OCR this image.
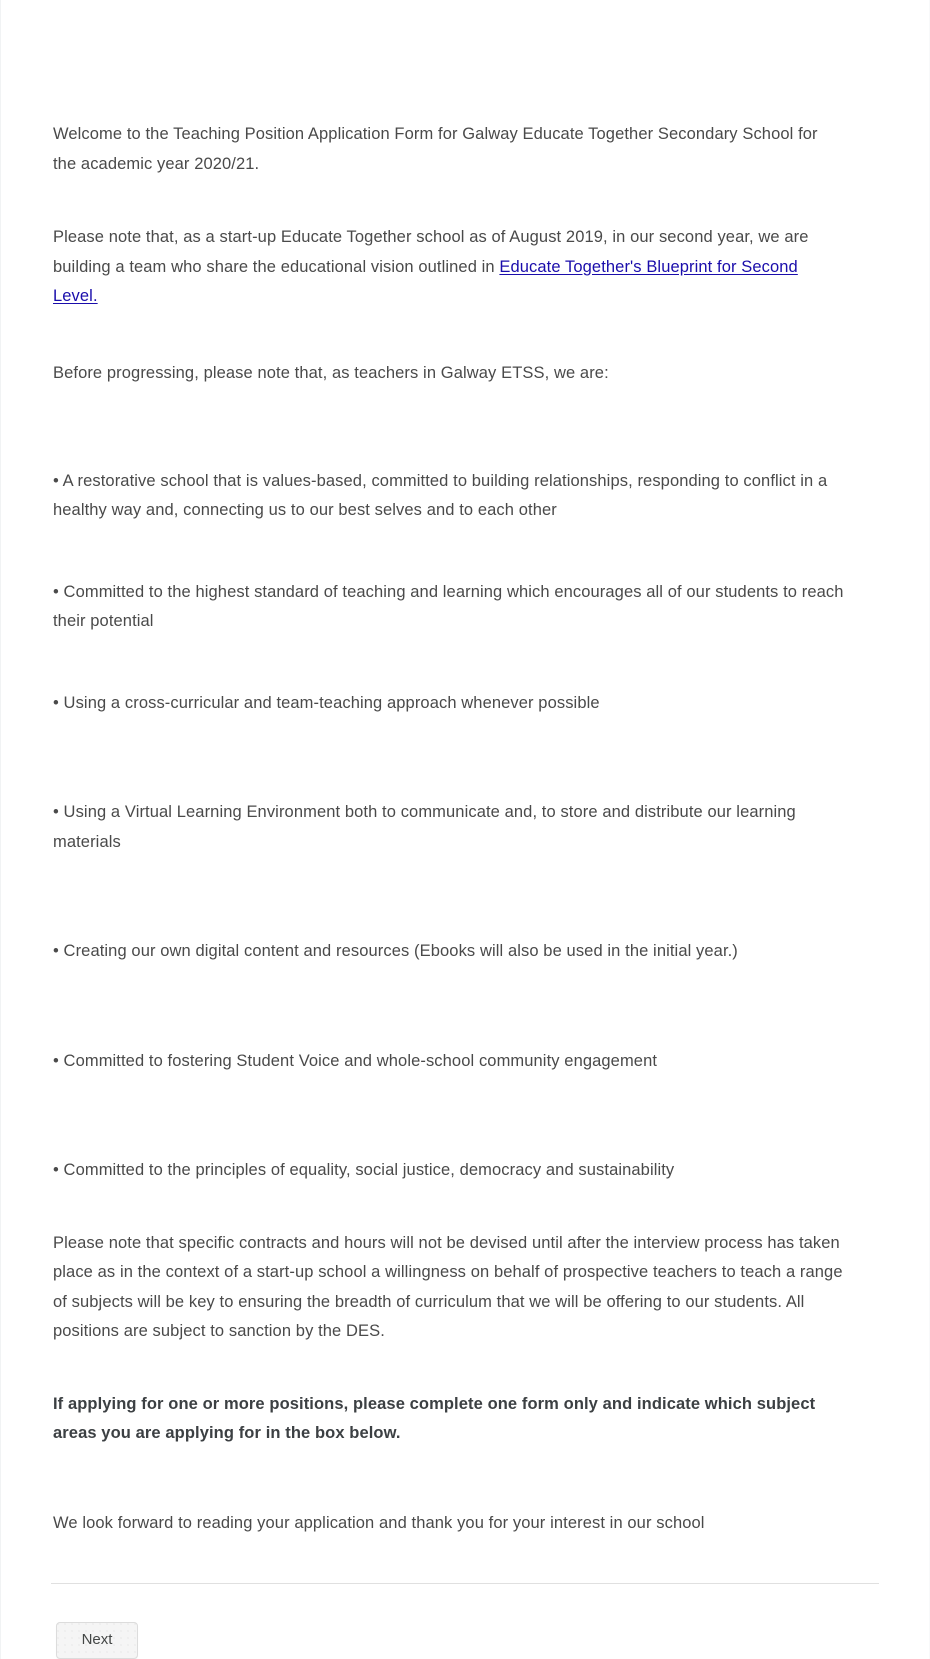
Welcome to the Teaching Position Application Form for Galway Educate Together Secondary School for the academic year 2020/21.

Please note that, as a start-up Educate Together school as of August 2019, in our second year, we are building a team who share the educational vision outlined in Educate Together's Blueprint for Second Level.

Before progressing, please note that, as teachers in Galway ETSS, we are:

• A restorative school that is values-based, committed to building relationships, responding to conflict in a healthy way and, connecting us to our best selves and to each other

• Committed to the highest standard of teaching and learning which encourages all of our students to reach their potential

• Using a cross-curricular and team-teaching approach whenever possible

• Using a Virtual Learning Environment both to communicate and, to store and distribute our learning materials

• Creating our own digital content and resources (Ebooks will also be used in the initial year.)

• Committed to fostering Student Voice and whole-school community engagement

• Committed to the principles of equality, social justice, democracy and sustainability

Please note that specific contracts and hours will not be devised until after the interview process has taken place as in the context of a start-up school a willingness on behalf of prospective teachers to teach a range of subjects will be key to ensuring the breadth of curriculum that we will be offering to our students. All positions are subject to sanction by the DES.

If applying for one or more positions, please complete one form only and indicate which subject areas you are applying for in the box below.

We look forward to reading your application and thank you for your interest in our school

Next
